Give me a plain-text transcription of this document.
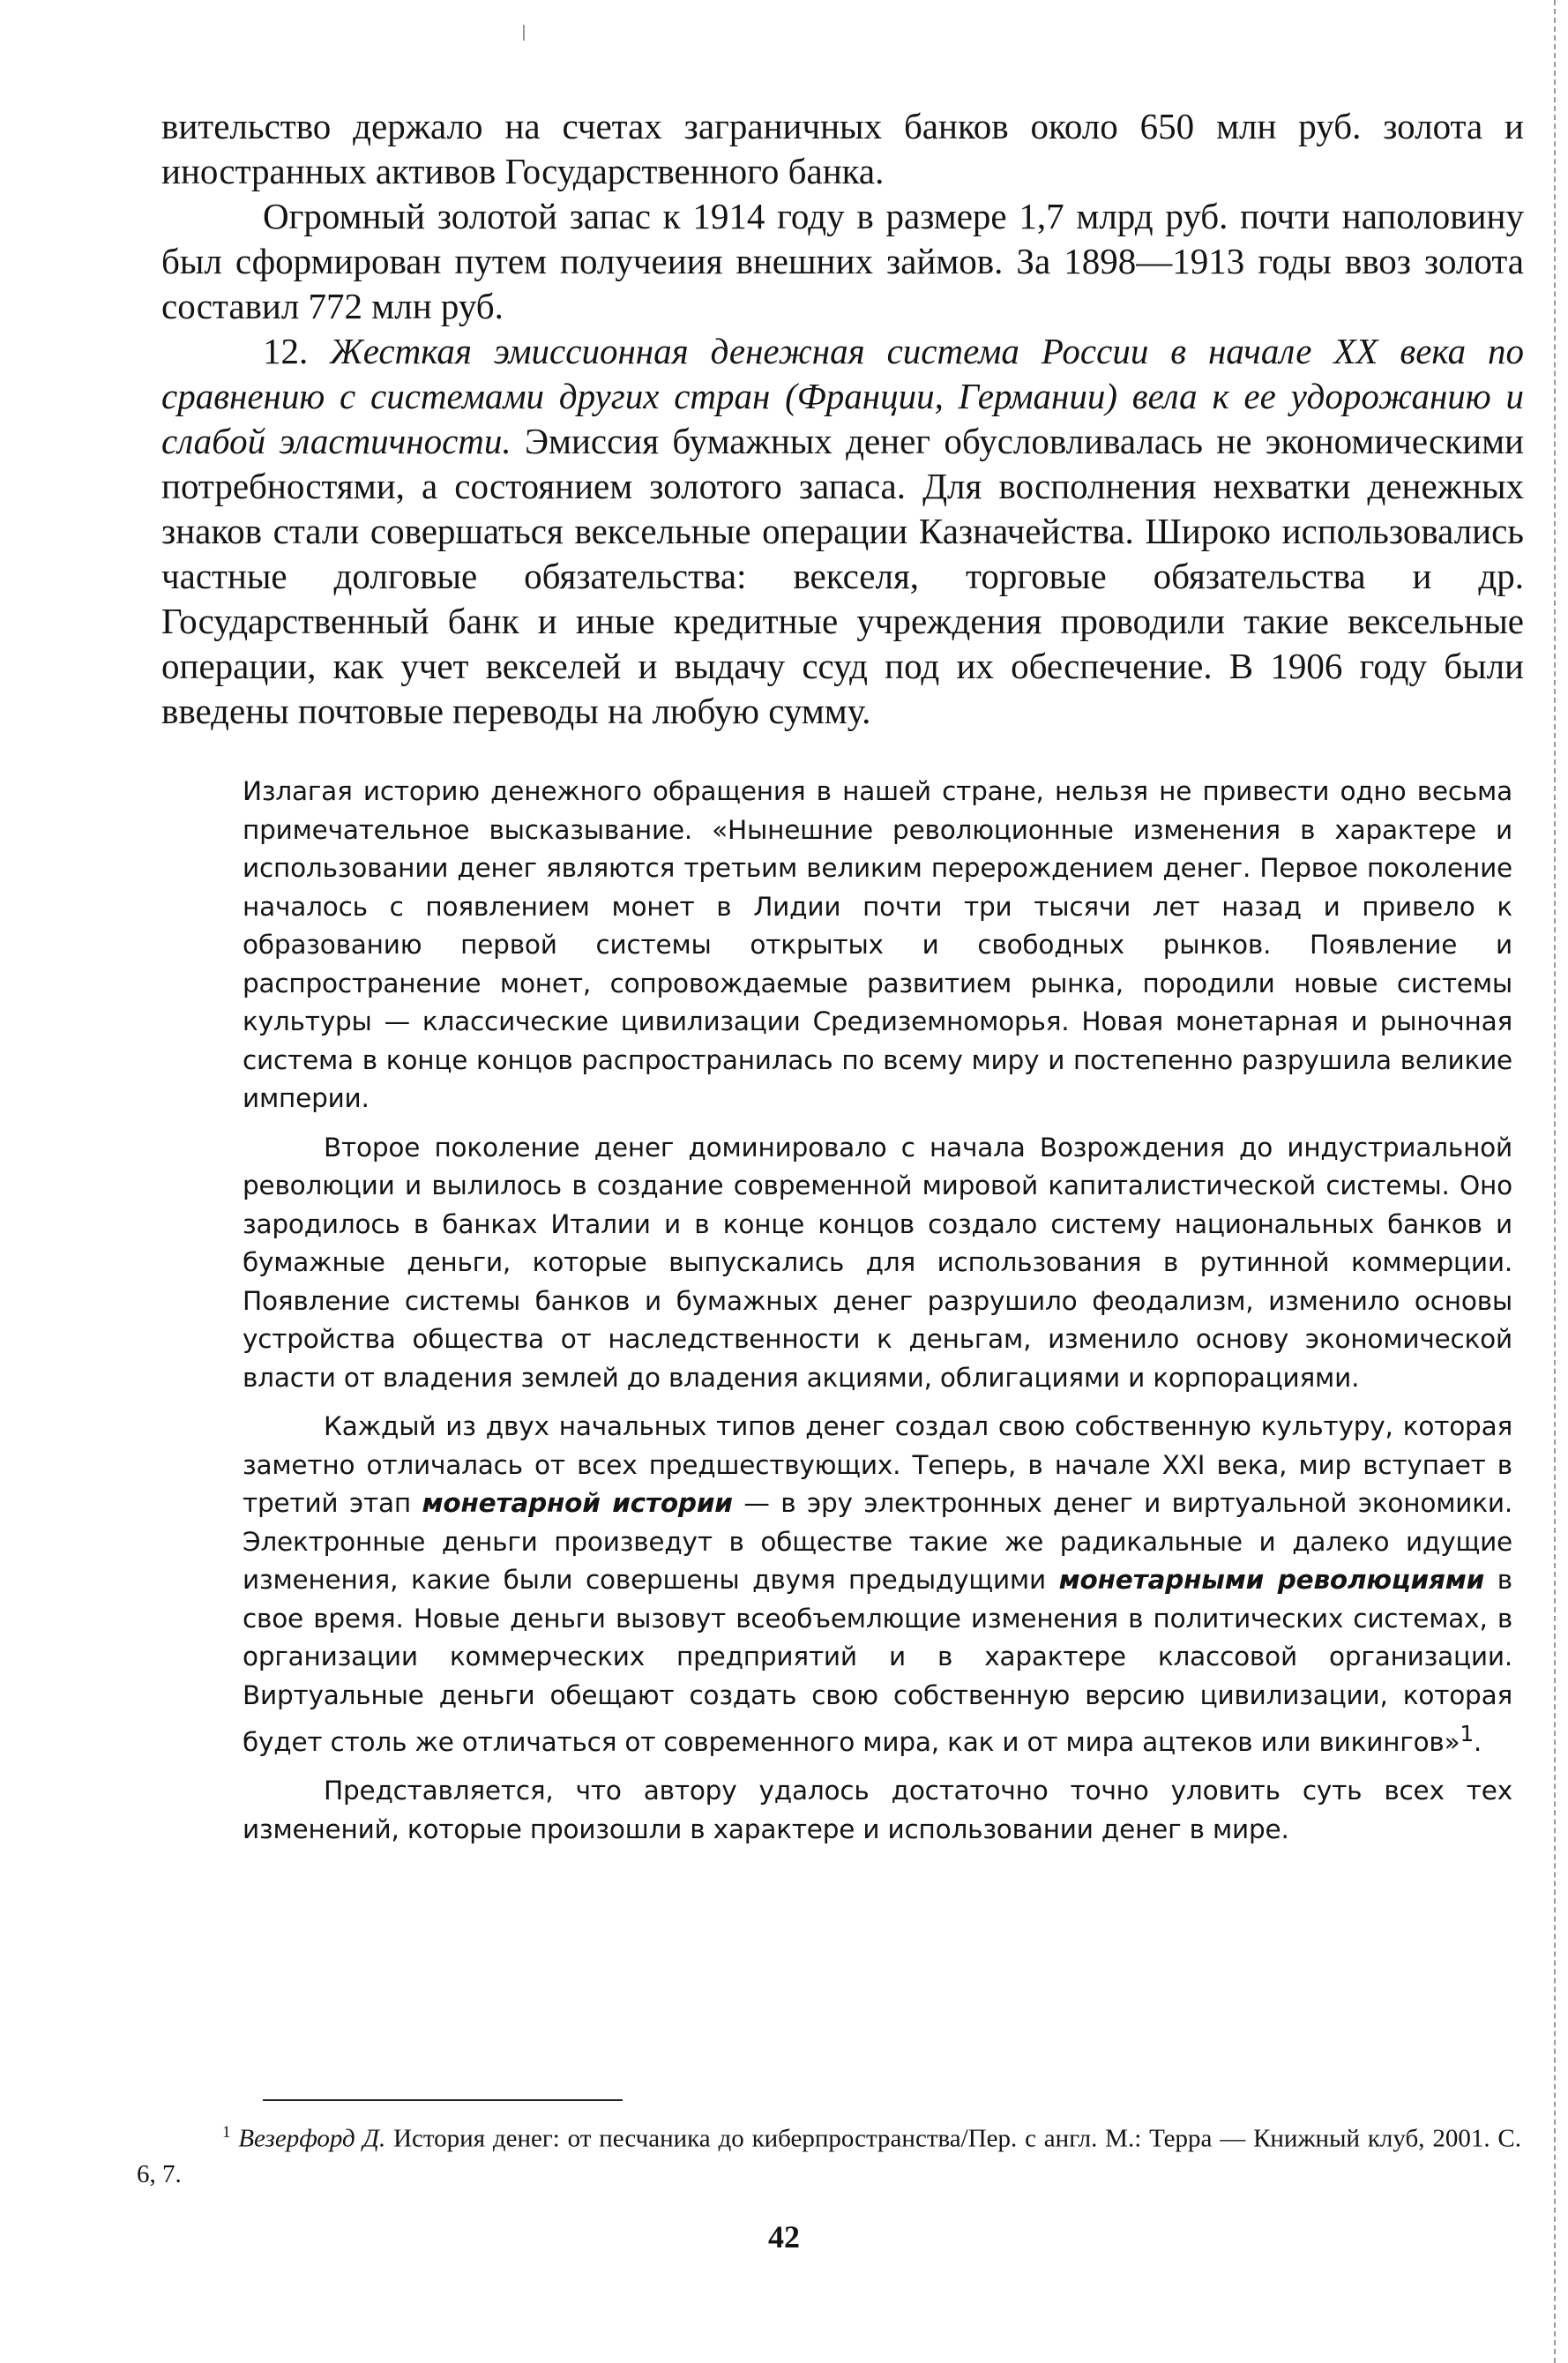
вительство держало на счетах заграничных банков около 650 млн руб. золота и иностранных активов Государственного банка.

Огромный золотой запас к 1914 году в размере 1,7 млрд руб. почти наполовину был сформирован путем получеиия внешних займов. За 1898—1913 годы ввоз золота составил 772 млн руб.

12. Жесткая эмиссионная денежная система России в начале XX века по сравнению с системами других стран (Франции, Германии) вела к ее удорожанию и слабой эластичности. Эмиссия бумажных денег обусловливалась не экономическими потребностями, а состоянием золотого запаса. Для восполнения нехватки денежных знаков стали совершаться вексельные операции Казначейства. Широко использовались частные долговые обязательства: векселя, торговые обязательства и др. Государственный банк и иные кредитные учреждения проводили такие вексельные операции, как учет векселей и выдачу ссуд под их обеспечение. В 1906 году были введены почтовые переводы на любую сумму.

Излагая историю денежного обращения в нашей стране, нельзя не привести одно весьма примечательное высказывание. «Нынешние революционные изменения в характере и использовании денег являются третьим великим перерождением денег. Первое поколение началось с появлением монет в Лидии почти три тысячи лет назад и привело к образованию первой системы открытых и свободных рынков. Появление и распространение монет, сопровождаемые развитием рынка, породили новые системы культуры — классические цивилизации Средиземноморья. Новая монетарная и рыночная система в конце концов распространилась по всему миру и постепенно разрушила великие империи.

Второе поколение денег доминировало с начала Возрождения до индустриальной революции и вылилось в создание современной мировой капиталистической системы. Оно зародилось в банках Италии и в конце концов создало систему национальных банков и бумажные деньги, которые выпускались для использования в рутинной коммерции. Появление системы банков и бумажных денег разрушило феодализм, изменило основы устройства общества от наследственности к деньгам, изменило основу экономической власти от владения землей до владения акциями, облигациями и корпорациями.

Каждый из двух начальных типов денег создал свою собственную культуру, которая заметно отличалась от всех предшествующих. Теперь, в начале XXI века, мир вступает в третий этап монетарной истории — в эру электронных денег и виртуальной экономики. Электронные деньги произведут в обществе такие же радикальные и далеко идущие изменения, какие были совершены двумя предыдущими монетарными революциями в свое время. Новые деньги вызовут всеобъемлющие изменения в политических системах, в организации коммерческих предприятий и в характере классовой организации. Виртуальные деньги обещают создать свою собственную версию цивилизации, которая будет столь же отличаться от современного мира, как и от мира ацтеков или викингов»$^1$.

Представляется, что автору удалось достаточно точно уловить суть всех тех изменений, которые произошли в характере и использовании денег в мире.

$^1$ Везерфорд Д. История денег: от песчаника до киберпространства/Пер. с англ. М.: Терра — Книжный клуб, 2001. С. 6, 7.

42
